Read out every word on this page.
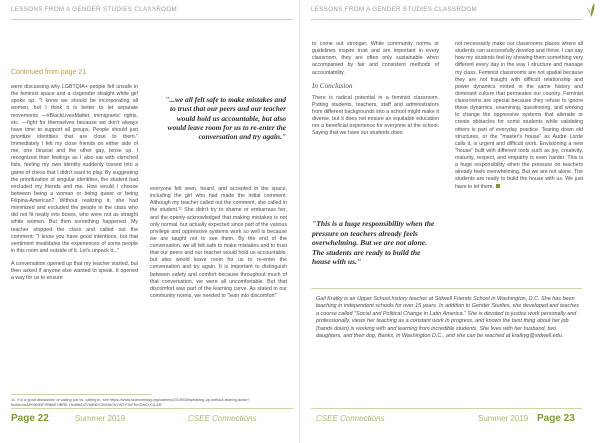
LESSONS FROM A GENDER STUDIES CLASSROOM
Continued from page 21

were discussing why LGBTQIA+ people felt unsafe in the feminist space and a cisgender straight white girl spoke up. "I know we should be incorporating all women, but I think it is better to let separate movements —#BlackLivesMatter, immigrants' rights, etc. —fight for themselves because we don't always have time to support all groups. People should just prioritize identities that are close to them." Immediately I felt my close friends on either side of me, one biracial and the other gay, tense up. I recognized their feelings as I also sat with clenched fists, feeling my own identity suddenly tossed into a game of chess that I didn't want to play. By suggesting the prioritization of singular identities, the student had excluded my friends and me. How would I choose between being a woman or being queer or being Filipina-American? Without realizing it, she had minimized and excluded the people in the class who did not fit neatly into boxes, who were not as straight white women. But then something happened. My teacher stopped the class and called out the comment: "I know you have good intentions, but that sentiment invalidates the experiences of some people in this room and outside of it. Let's unpack it..."

A conversation opened up that my teacher started, but then asked if anyone else wanted to speak. It opened a way for us to ensure

"...we all felt safe to make mistakes and to trust that our peers and our teacher would hold us accountable, but also would leave room for us to re-enter the conversation and try again."

everyone felt seen, heard, and accepted in the space, including the girl who had made the initial comment. Although my teacher called out the comment, she called in the student.¹¹ She didn't try to shame or embarrass her, and the openly-acknowledged that making mistakes is not only normal, but actually expected since part of the various privilege and oppressive systems work so well is because we are taught not to see them. By the end of the conversation, we all felt safe to make mistakes and to trust that our peers and our teacher would hold us accountable, but also would leave room for us to re-enter the conversation and try again. It is important to distinguish between safety and comfort because throughout much of that conversation, we were all uncomfortable. But that discomfort was part of the learning curve. As stated in our community norms, we needed to "lean into discomfort"

11. For a good discussion of calling out vs. calling in, see https://www.sciencemag.org/careers/2019/08/speaking-up-without-tearing-down?fbclid=IwAR0lK6NFrRf8kE7fBRfL7fxdf9kDZVbjRl6YGBx9sTkYW2Y7kFEmZmCrX1LAR
Page 22	Summer 2019	CSEE Connections
LESSONS FROM A GENDER STUDIES CLASSROOM

to come out stronger. While community norms or guidelines inspire trust and are important in every classroom, they are often only sustainable when accompanied by fair and consistent methods of accountability.

In Conclusion

There is radical potential in a feminist classroom. Putting students, teachers, staff and administrators from different backgrounds into a school might make it diverse, but it does not ensure an equitable education nor a beneficial experience for everyone at the school. Saying that we have our students does

"This is a huge responsibility when the pressure on teachers already feels overwhelming. But we are not alone. The students are ready to build the house with us."

not necessarily make our classrooms places where all students can successfully develop and thrive. I can say how my students feel by showing them something very different every day in the way I structure and manage my class. Feminist classrooms are not spatial because they are not fraught with difficult relationship and power dynamics rooted in the same history and dominant culture that permeates our country. Feminist classrooms are special because they refuse to ignore these dynamics, examining, questioning, and working to change the oppressive systems that alienate or create obstacles for some students while validating others is part of everyday practice. Tearing down old structures, or the "master's house" as Audre Lorde calls it, is urgent and difficult work. Envisioning a new "house" built with different tools such as joy, creativity, maturity, respect, and empathy is even harder. This is a huge responsibility when the pressure on teachers already feels overwhelming. But we are not alone. The students are ready to build the house with us. We just have to let them.

Gail Kratky is an Upper School history teacher at Sidwell Friends School in Washington, D.C. She has been teaching in independent schools for over 15 years. In addition to Gender Studies, she developed and teaches a course called "Social and Political Change in Latin America." She is devoted to justice work personally and professionally, views her teaching as a constant work in progress, and knows the best thing about her job (hands down) is working with and learning from incredible students. She lives with her husband, two daughters, and their dog, Banks, in Washington D.C., and she can be reached at kratkyg@sidwell.edu.
CSEE Connections	Summer 2019 Page 23
